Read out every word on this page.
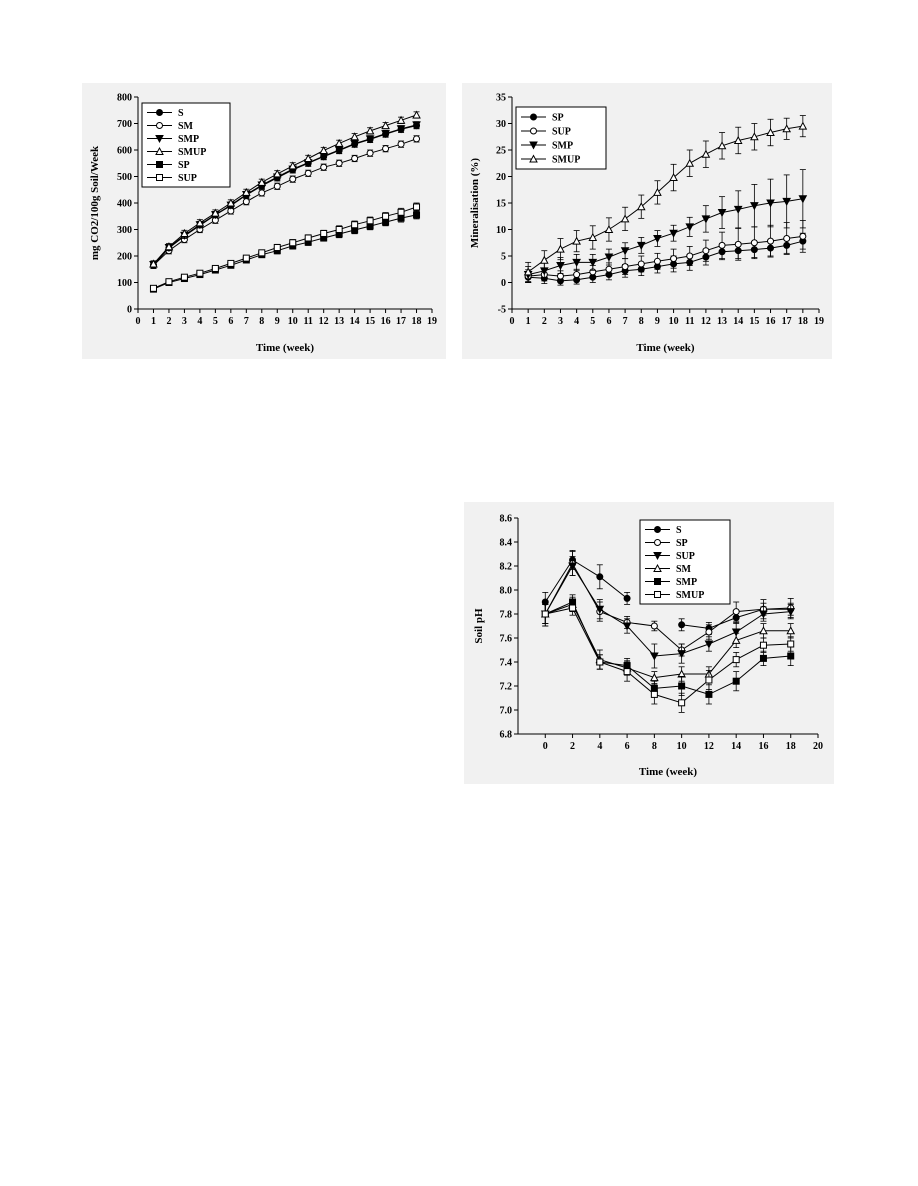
0 1 2 3 4 5 6 7 8 9 10 11 12 13 14 15 16 17 18 19
0
100
200
300
400
500
600
700
800
Time (week)
mg CO2/100g Soil/Week
S
SM
SMP
SMUP
SP
SUP
0 1 2 3 4 5 6 7 8 9 10 11 12 13 14 15 16 17 18 19
-5
0
5
10
15
20
25
30
35
Time (week)
Mineralisation (%)
SP
SUP
SMP
SMUP
0 2 4 6 8 10 12 14 16 18 20
6.8
7.0
7.2
7.4
7.6
7.8
8.0
8.2
8.4
8.6
Time (week)
Soil pH
S
SP
SUP
SM
SMP
SMUP
